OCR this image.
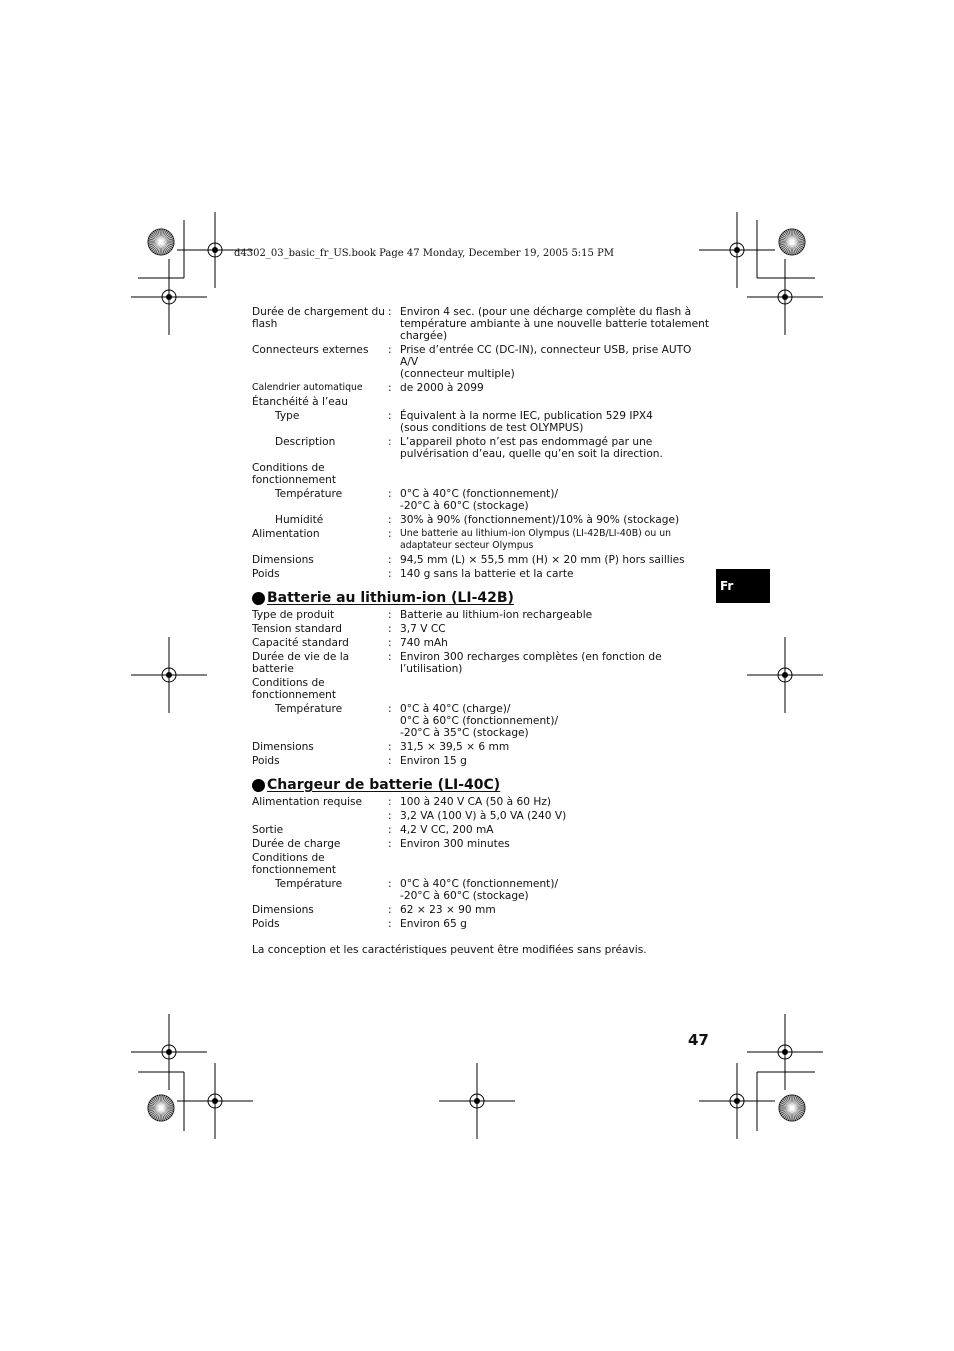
d4302_03_basic_fr_US.book Page 47 Monday, December 19, 2005 5:15 PM
Durée de chargement du flash
: Environ 4 sec. (pour une décharge complète du flash à
température ambiante à une nouvelle batterie totalement
chargée)
Connecteurs externes	: Prise d’entrée CC (DC-IN), connecteur USB, prise AUTO A/V
(connecteur multiple)
Calendrier automatique	: de 2000 à 2099
Étanchéité à l’eau
Type	: Équivalent à la norme IEC, publication 529 IPX4
(sous conditions de test OLYMPUS)
Description	: L’appareil photo n’est pas endommagé par une
pulvérisation d’eau, quelle qu’en soit la direction.
Conditions de fonctionnement
Température	: 0°C à 40°C (fonctionnement)/
-20°C à 60°C (stockage)
Humidité	: 30% à 90% (fonctionnement)/10% à 90% (stockage)
Alimentation	: Une batterie au lithium-ion Olympus (LI-42B/LI-40B) ou un
adaptateur secteur Olympus
Dimensions	: 94,5 mm (L) × 55,5 mm (H) × 20 mm (P) hors saillies
Poids	: 140 g sans la batterie et la carte
Batterie au lithium-ion (LI-42B)
Type de produit	: Batterie au lithium-ion rechargeable
Tension standard	: 3,7 V CC
Capacité standard	: 740 mAh
Durée de vie de la batterie
: Environ 300 recharges complètes (en fonction de
l’utilisation)
Conditions de fonctionnement
Température	: 0°C à 40°C (charge)/
0°C à 60°C (fonctionnement)/
-20°C à 35°C (stockage)
Dimensions	: 31,5 × 39,5 × 6 mm
Poids	: Environ 15 g
Chargeur de batterie (LI-40C)
Alimentation requise	: 100 à 240 V CA (50 à 60 Hz)
: 3,2 VA (100 V) à 5,0 VA (240 V)
Sortie	: 4,2 V CC, 200 mA
Durée de charge	: Environ 300 minutes
Conditions de fonctionnement
Température	: 0°C à 40°C (fonctionnement)/
-20°C à 60°C (stockage)
Dimensions	: 62 × 23 × 90 mm
Poids	: Environ 65 g
La conception et les caractéristiques peuvent être modifiées sans préavis.
Fr
47
